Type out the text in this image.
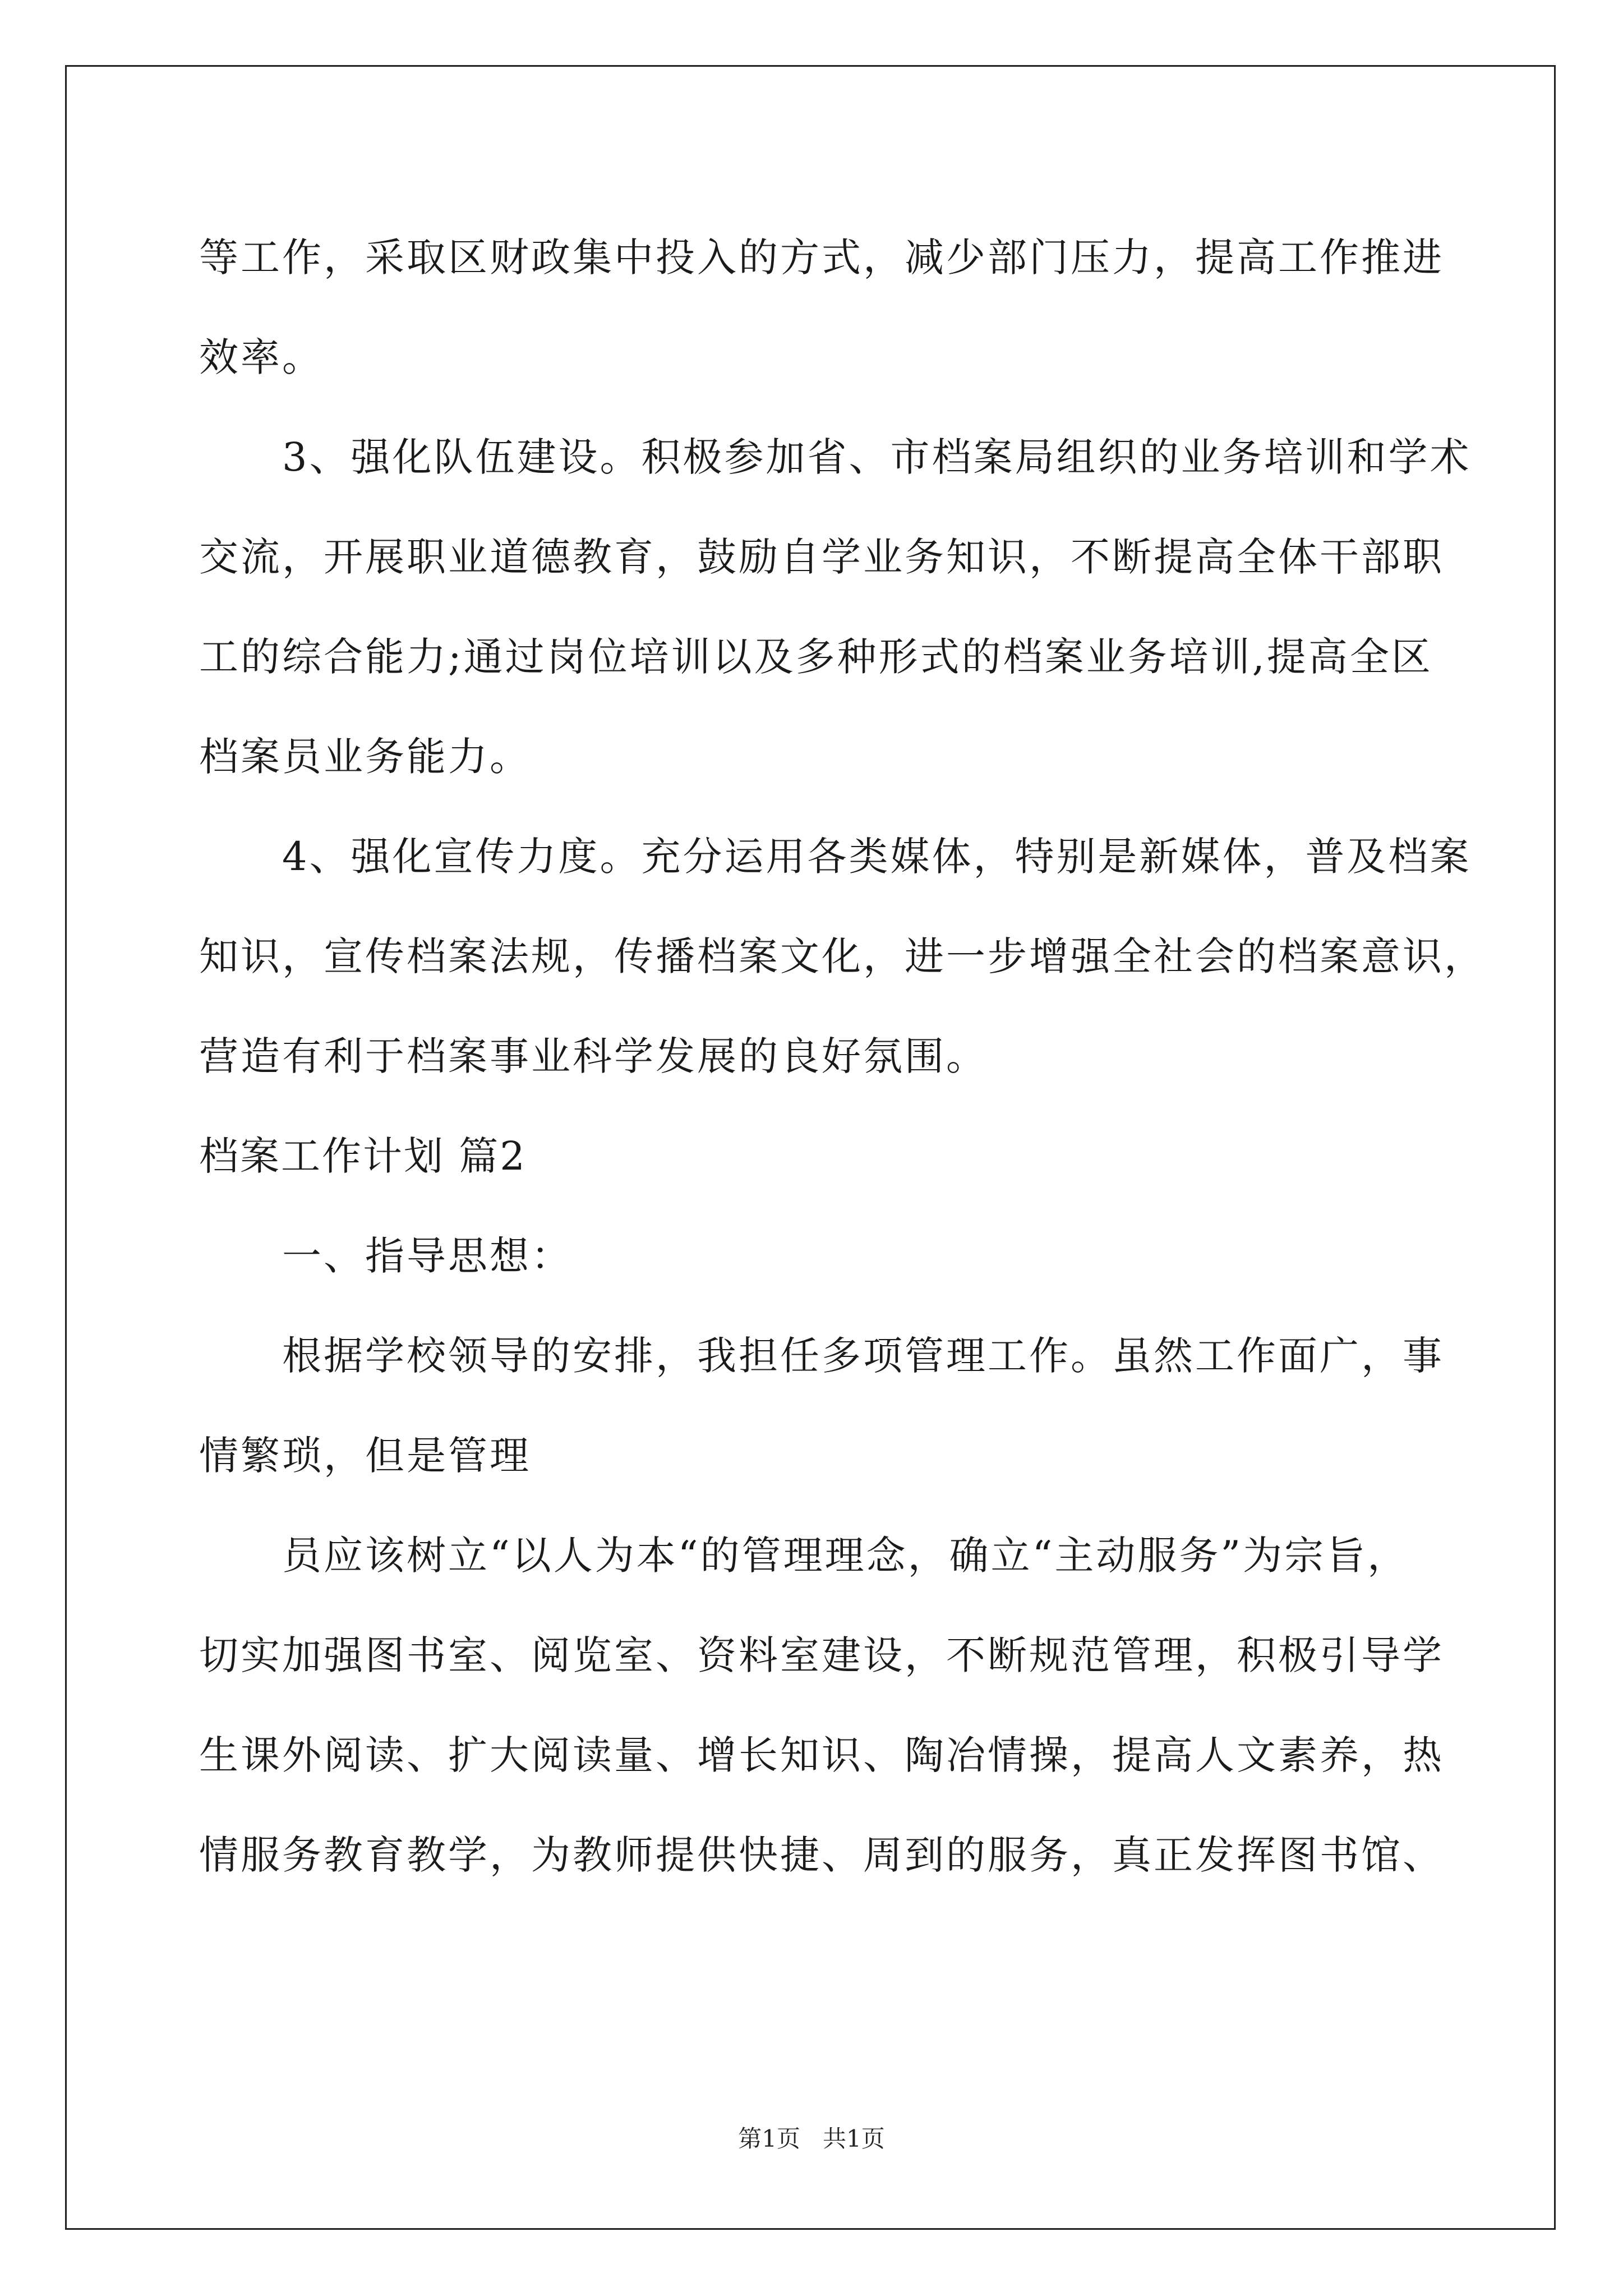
等工作，采取区财政集中投入的方式，减少部门压力，提高工作推进
效率。
3、强化队伍建设。积极参加省、市档案局组织的业务培训和学术
交流，开展职业道德教育，鼓励自学业务知识，不断提高全体干部职
工的综合能力;通过岗位培训以及多种形式的档案业务培训,提高全区
档案员业务能力。
4、强化宣传力度。充分运用各类媒体，特别是新媒体，普及档案
知识，宣传档案法规，传播档案文化，进一步增强全社会的档案意识，
营造有利于档案事业科学发展的良好氛围。
档案工作计划 篇2
一、指导思想：
根据学校领导的安排，我担任多项管理工作。虽然工作面广，事
情繁琐，但是管理
员应该树立“以人为本“的管理理念，确立“主动服务”为宗旨，
切实加强图书室、阅览室、资料室建设，不断规范管理，积极引导学
生课外阅读、扩大阅读量、增长知识、陶冶情操，提高人文素养，热
情服务教育教学，为教师提供快捷、周到的服务，真正发挥图书馆、
第1页   共1页
